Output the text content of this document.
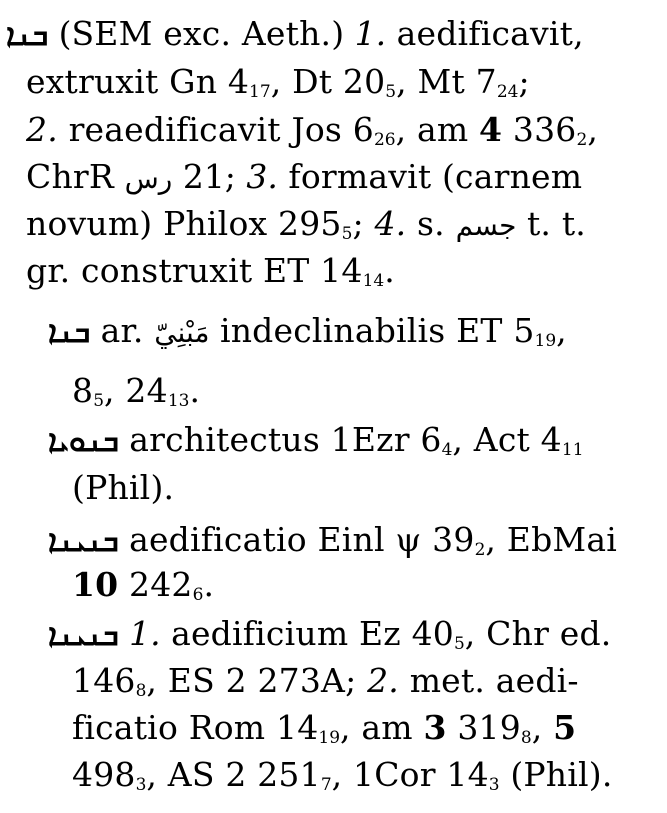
ܒܢܐ (SEM exc. Aeth.) 1. aedificavit,
extruxit Gn $4_{17}$, Dt $20_5$, Mt $7_{24}$;
2. reaedificavit Jos $6_{26}$, am 4 $336_2$,
ChrR رس 21; 3. formavit (carnem
novum) Philox $295_5$; 4. s. جسم t. t.
gr. construxit ET $14_{14}$.
ܒܢܐ ar. مَبْنِيّ indeclinabilis ET $5_{19}$,
$8_5$, $24_{13}$.
ܒܢܘܝܐ architectus 1Ezr $6_4$, Act $4_{11}$
(Phil).
ܒܢܝܢܐ aedificatio Einl ψ $39_2$, EbMai
10 $242_6$.
ܒܢܝܢܐ 1. aedificium Ez $40_5$, Chr ed.
$146_8$, ES 2 273A; 2. met. aedi-
ficatio Rom $14_{19}$, am 3 $319_8$, 5
$498_3$, AS 2 $251_7$, 1Cor $14_3$ (Phil).
